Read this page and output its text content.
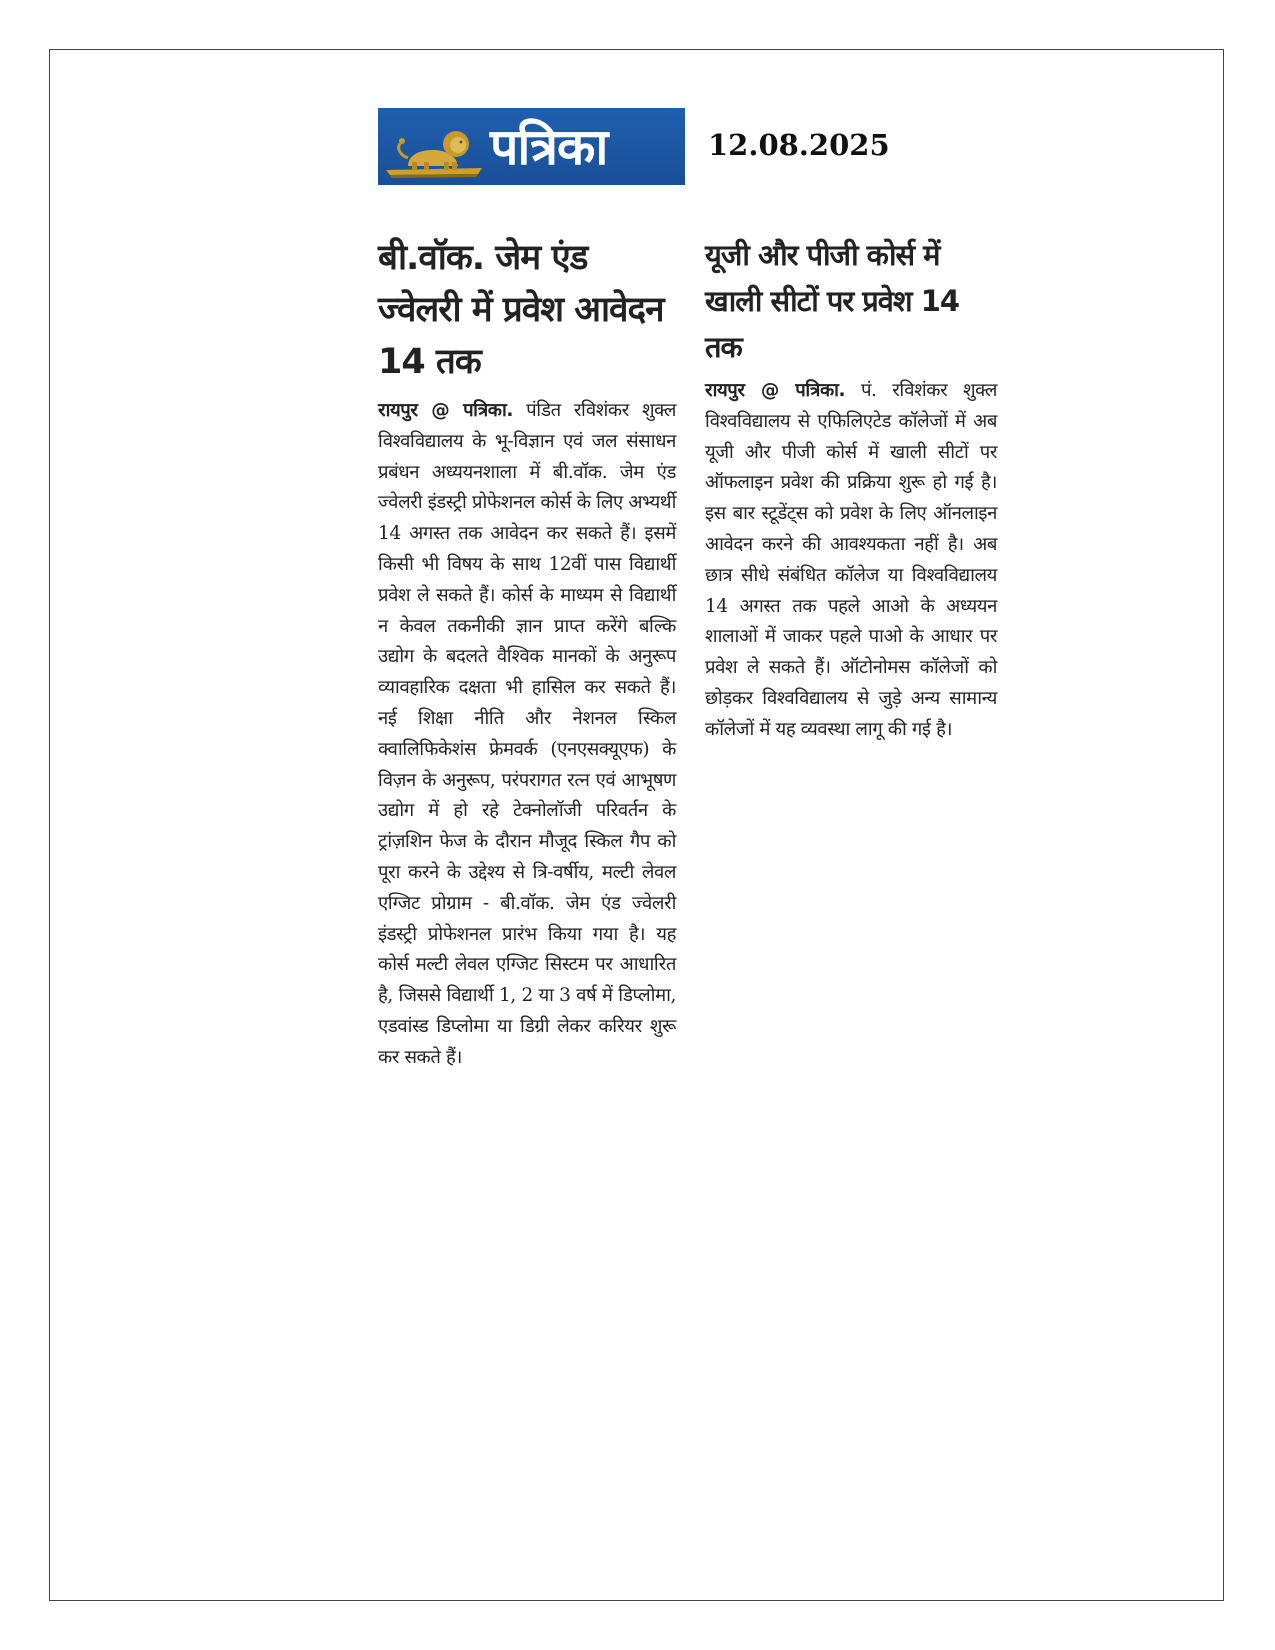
पत्रिका	12.08.2025
बी.वॉक. जेम एंड ज्वेलरी में प्रवेश आवेदन 14 तक

रायपुर @ पत्रिका. पंडित रविशंकर शुक्ल विश्वविद्यालय के भू-विज्ञान एवं जल संसाधन प्रबंधन अध्ययनशाला में बी.वॉक. जेम एंड ज्वेलरी इंडस्ट्री प्रोफेशनल कोर्स के लिए अभ्यर्थी 14 अगस्त तक आवेदन कर सकते हैं। इसमें किसी भी विषय के साथ 12वीं पास विद्यार्थी प्रवेश ले सकते हैं। कोर्स के माध्यम से विद्यार्थी न केवल तकनीकी ज्ञान प्राप्त करेंगे बल्कि उद्योग के बदलते वैश्विक मानकों के अनुरूप व्यावहारिक दक्षता भी हासिल कर सकते हैं। नई शिक्षा नीति और नेशनल स्किल क्वालिफिकेशंस फ्रेमवर्क (एनएसक्यूएफ) के विज़न के अनुरूप, परंपरागत रत्न एवं आभूषण उद्योग में हो रहे टेक्नोलॉजी परिवर्तन के ट्रांज़शिन फेज के दौरान मौजूद स्किल गैप को पूरा करने के उद्देश्य से त्रि-वर्षीय, मल्टी लेवल एग्जिट प्रोग्राम - बी.वॉक. जेम एंड ज्वेलरी इंडस्ट्री प्रोफेशनल प्रारंभ किया गया है। यह कोर्स मल्टी लेवल एग्जिट सिस्टम पर आधारित है, जिससे विद्यार्थी 1, 2 या 3 वर्ष में डिप्लोमा, एडवांस्ड डिप्लोमा या डिग्री लेकर करियर शुरू कर सकते हैं।

यूजी और पीजी कोर्स में खाली सीटों पर प्रवेश 14 तक

रायपुर @ पत्रिका. पं. रविशंकर शुक्ल विश्वविद्यालय से एफिलिएटेड कॉलेजों में अब यूजी और पीजी कोर्स में खाली सीटों पर ऑफलाइन प्रवेश की प्रक्रिया शुरू हो गई है। इस बार स्टूडेंट्स को प्रवेश के लिए ऑनलाइन आवेदन करने की आवश्यकता नहीं है। अब छात्र सीधे संबंधित कॉलेज या विश्वविद्यालय 14 अगस्त तक पहले आओ के अध्ययन शालाओं में जाकर पहले पाओ के आधार पर प्रवेश ले सकते हैं। ऑटोनोमस कॉलेजों को छोड़कर विश्वविद्यालय से जुड़े अन्य सामान्य कॉलेजों में यह व्यवस्था लागू की गई है।
